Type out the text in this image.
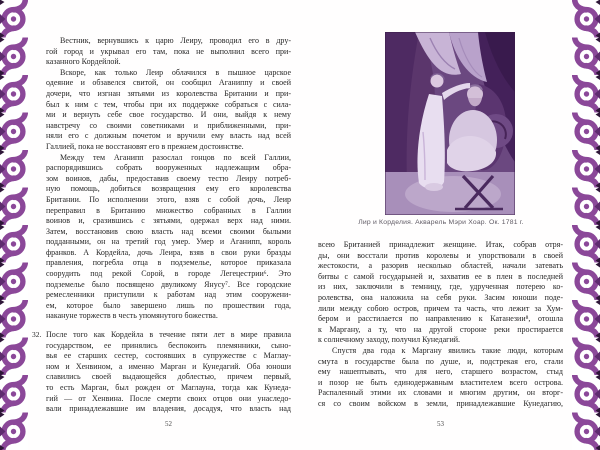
Вестник, вернувшись к царю Леиру, проводил его в дру-
гой город и укрывал его там, пока не выполнил всего при-
казанного Кордейлой.
Вскоре, как только Леир облачился в пышное царское
одеяние и обзавелся свитой, он сообщил Аганиппу и своей
дочери, что изгнан зятьями из королевства Британии и при-
был к ним с тем, чтобы при их поддержке собраться с сила-
ми и вернуть себе свое государство. И они, выйдя к нему
навстречу со своими советниками и приближенными, при-
няли его с должным почетом и вручили ему власть над всей
Галлией, пока не восстановят его в прежнем достоинстве.
Между тем Аганипп разослал гонцов по всей Галлии,
распорядившись собрать вооруженных надлежащим обра-
зом воинов, дабы, предоставив своему тестю Леиру потреб-
ную помощь, добиться возвращения ему его королевства
Британии. По исполнении этого, взяв с собой дочь, Леир
переправил в Британию множество собранных в Галлии
воинов и, сразившись с зятьями, одержал верх над ними.
Затем, восстановив свою власть над всеми своими былыми
подданными, он на третий год умер. Умер и Аганипп, король
франков. А Кордейла, дочь Леира, взяв в свои руки бразды
правления, погребла отца в подземелье, которое приказала
соорудить под рекой Сорой, в городе Легецестрии⁶. Это
подземелье было посвящено двуликому Янусу⁷. Все городские
ремесленники приступили к работам над этим сооружени-
ем, которое было завершено лишь по прошествии года,
накануне торжеств в честь упомянутого божества.
32. После того как Кордейла в течение пяти лет в мире правила
государством, ее принялись беспокоить племянники, сыно-
вья ее старших сестер, состоявших в супружестве с Маглау-
ном и Хенвином, а именно Марган и Кунедагий. Оба юноши
славились своей выдающейся доблестью, причем первый,
то есть Марган, был рожден от Маглауна, тогда как Кунеда-
гий — от Хенвина. После смерти своих отцов они унаследо-
вали принадлежавшие им владения, досадуя, что власть над
52
Лир и Корделия. Акварель Мэри Хоар. Ок. 1781 г.
всею Британией принадлежит женщине. Итак, собрав отря-
ды, они восстали против королевы и упорствовали в своей
жестокости, а разорив несколько областей, начали затевать
битвы с самой государыней и, захватив ее в плен в последней
из них, заключили в темницу, где, удрученная потерею ко-
ролевства, она наложила на себя руки. Засим юноши поде-
лили между собою остров, причем та часть, что лежит за Хум-
бером и расстилается по направлению к Катанезии⁸, отошла
к Маргану, а ту, что на другой стороне реки простирается
к солнечному заходу, получил Кунедагий.
Спустя два года к Маргану явились такие люди, которым
смута в государстве была по душе, и, подстрекая его, стали
ему нашептывать, что для него, старшего возрастом, стыд
и позор не быть единодержавным властителем всего острова.
Распаленный этими их словами и многим другим, он вторг-
ся со своим войском в земли, принадлежавшие Кунедагию,
53
